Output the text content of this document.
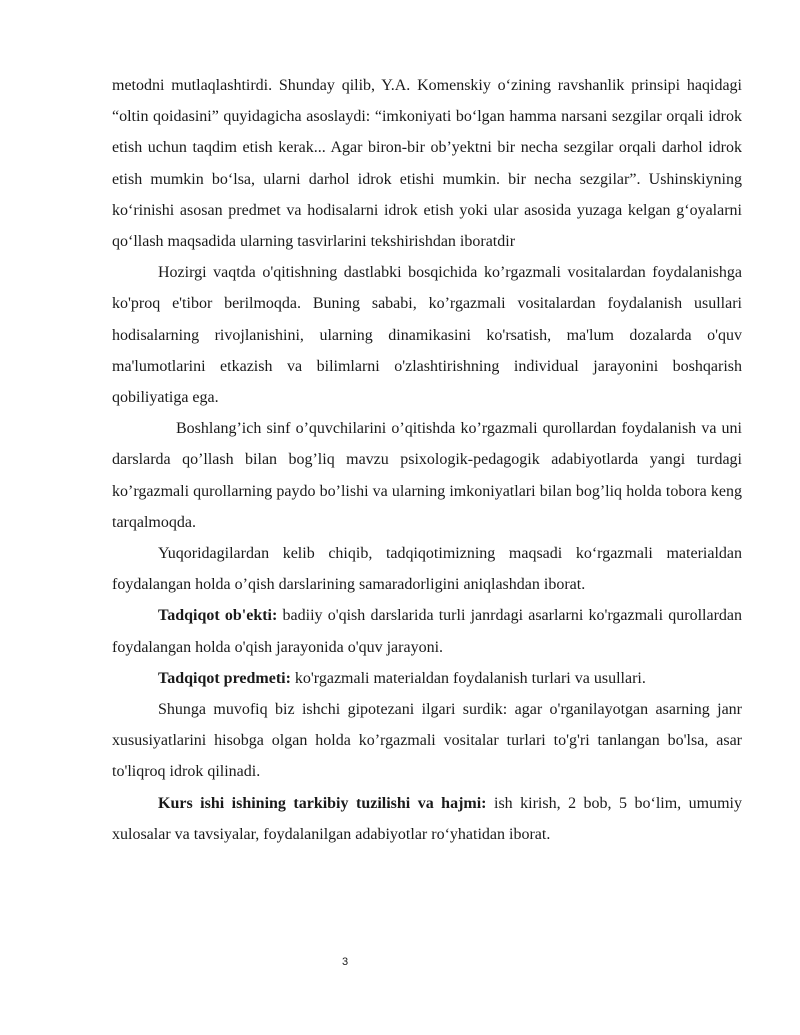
metodni mutlaqlashtirdi. Shunday qilib, Y.A. Komenskiy o‘zining ravshanlik prinsipi haqidagi “oltin qoidasini” quyidagicha asoslaydi: “imkoniyati bo‘lgan hamma narsani sezgilar orqali idrok etish uchun taqdim etish kerak... Agar biron-bir ob’yektni bir necha sezgilar orqali darhol idrok etish mumkin bo‘lsa, ularni darhol idrok etishi mumkin. bir necha sezgilar”. Ushinskiyning ko‘rinishi asosan predmet va hodisalarni idrok etish yoki ular asosida yuzaga kelgan g‘oyalarni qo‘llash maqsadida ularning tasvirlarini tekshirishdan iboratdir

Hozirgi vaqtda o'qitishning dastlabki bosqichida ko’rgazmali vositalardan foydalanishga ko'proq e'tibor berilmoqda. Buning sababi, ko’rgazmali vositalardan foydalanish usullari hodisalarning rivojlanishini, ularning dinamikasini ko'rsatish, ma'lum dozalarda o'quv ma'lumotlarini etkazish va bilimlarni o'zlashtirishning individual jarayonini boshqarish qobiliyatiga ega.

Boshlang’ich sinf o’quvchilarini o’qitishda ko’rgazmali qurollardan foydalanish va uni darslarda qo’llash bilan bog’liq mavzu psixologik-pedagogik adabiyotlarda yangi turdagi ko’rgazmali qurollarning paydo bo’lishi va ularning imkoniyatlari bilan bog’liq holda tobora keng tarqalmoqda.

Yuqoridagilardan kelib chiqib, tadqiqotimizning maqsadi ko‘rgazmali materialdan foydalangan holda o’qish darslarining samaradorligini aniqlashdan iborat.

Tadqiqot ob'ekti: badiiy o'qish darslarida turli janrdagi asarlarni ko'rgazmali qurollardan foydalangan holda o'qish jarayonida o'quv jarayoni.

Tadqiqot predmeti: ko'rgazmali materialdan foydalanish turlari va usullari.

Shunga muvofiq biz ishchi gipotezani ilgari surdik: agar o'rganilayotgan asarning janr xususiyatlarini hisobga olgan holda ko’rgazmali vositalar turlari to'g'ri tanlangan bo'lsa, asar to'liqroq idrok qilinadi.

Kurs ishi ishining tarkibiy tuzilishi va hajmi: ish kirish, 2 bob, 5 bo‘lim, umumiy xulosalar va tavsiyalar, foydalanilgan adabiyotlar ro‘yhatidan iborat.

3
